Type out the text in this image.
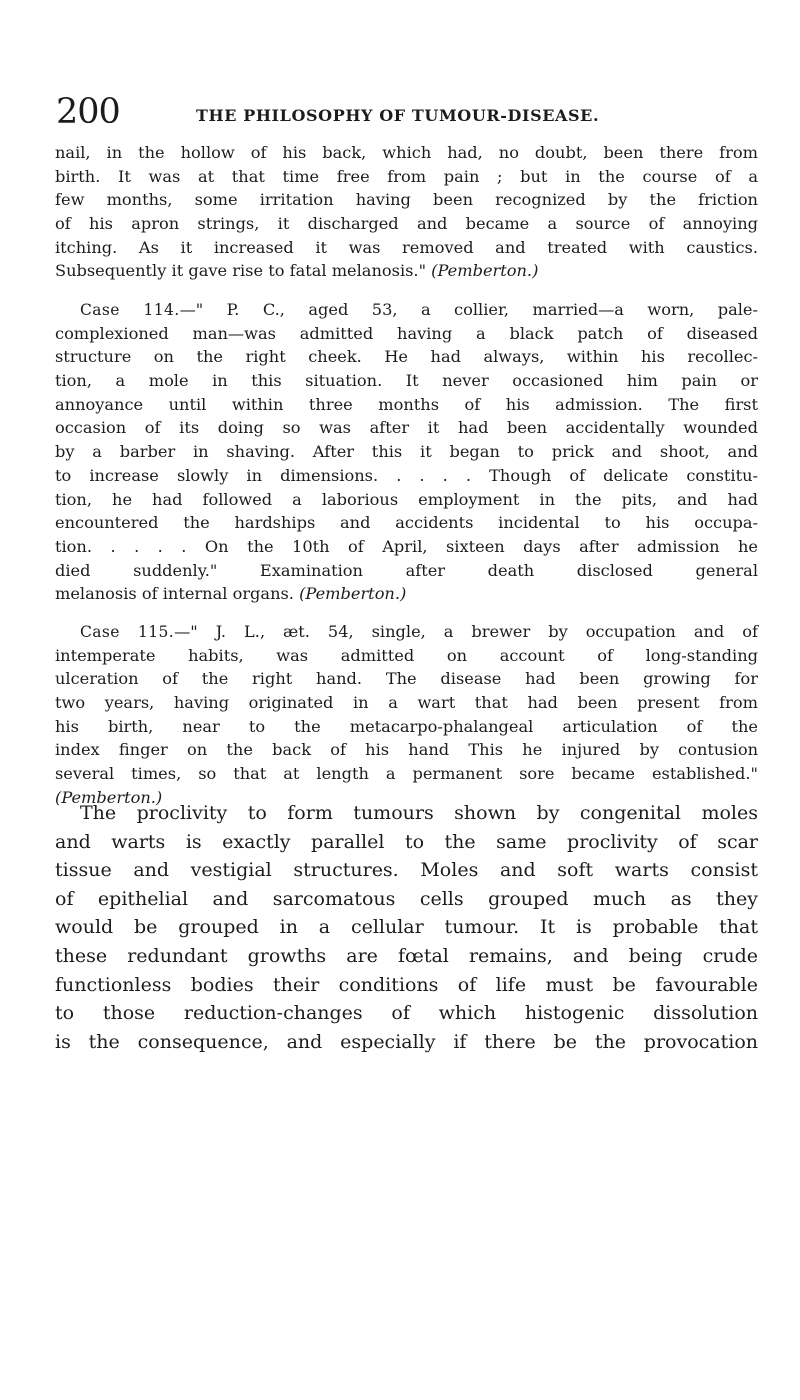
200	THE PHILOSOPHY OF TUMOUR-DISEASE.
nail, in the hollow of his back, which had, no doubt, been there from
birth. It was at that time free from pain ; but in the course of a
few months, some irritation having been recognized by the friction
of his apron strings, it discharged and became a source of annoying
itching. As it increased it was removed and treated with caustics.
Subsequently it gave rise to fatal melanosis." (Pemberton.)
Case 114.—" P. C., aged 53, a collier, married—a worn, pale-
complexioned man—was admitted having a black patch of diseased
structure on the right cheek. He had always, within his recollec-
tion, a mole in this situation. It never occasioned him pain or
annoyance until within three months of his admission. The first
occasion of its doing so was after it had been accidentally wounded
by a barber in shaving. After this it began to prick and shoot, and
to increase slowly in dimensions. . . . . Though of delicate constitu-
tion, he had followed a laborious employment in the pits, and had
encountered the hardships and accidents incidental to his occupa-
tion. . . . . On the 10th of April, sixteen days after admission he
died suddenly." Examination after death disclosed general
melanosis of internal organs. (Pemberton.)
Case 115.—" J. L., æt. 54, single, a brewer by occupation and of
intemperate habits, was admitted on account of long-standing
ulceration of the right hand. The disease had been growing for
two years, having originated in a wart that had been present from
his birth, near to the metacarpo-phalangeal articulation of the
index finger on the back of his hand This he injured by contusion
several times, so that at length a permanent sore became established."
(Pemberton.)
The proclivity to form tumours shown by congenital moles
and warts is exactly parallel to the same proclivity of scar
tissue and vestigial structures. Moles and soft warts consist
of epithelial and sarcomatous cells grouped much as they
would be grouped in a cellular tumour. It is probable that
these redundant growths are fœtal remains, and being crude
functionless bodies their conditions of life must be favourable
to those reduction-changes of which histogenic dissolution
is the consequence, and especially if there be the provocation
